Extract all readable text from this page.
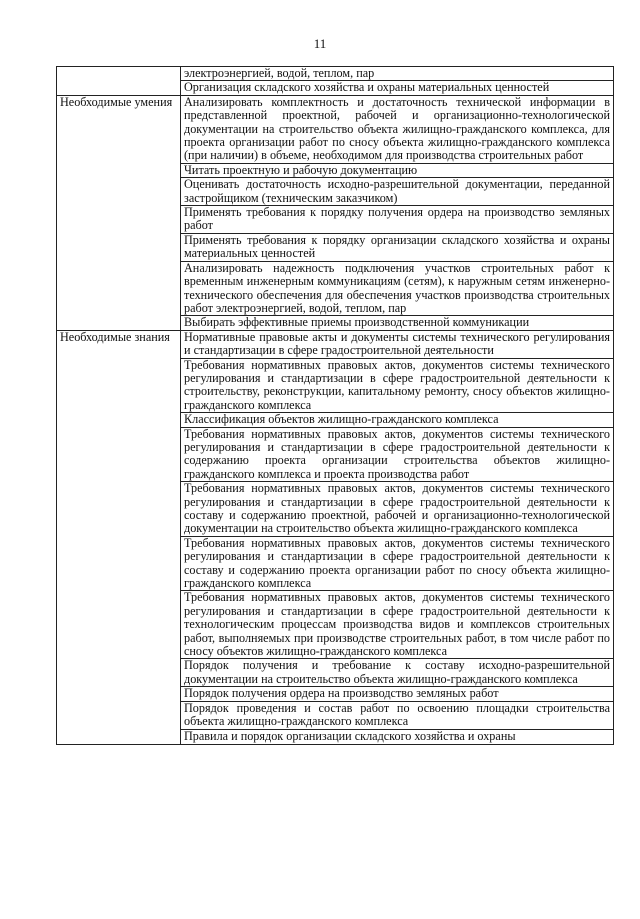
11
	электроэнергией, водой, теплом, пар
	Организация складского хозяйства и охраны материальных ценностей
Необходимые умения	Анализировать комплектность и достаточность технической информации в представленной проектной, рабочей и организационно-технологической документации на строительство объекта жилищно-гражданского комплекса, для проекта организации работ по сносу объекта жилищно-гражданского комплекса (при наличии) в объеме, необходимом для производства строительных работ
	Читать проектную и рабочую документацию
	Оценивать достаточность исходно-разрешительной документации, переданной застройщиком (техническим заказчиком)
	Применять требования к порядку получения ордера на производство земляных работ
	Применять требования к порядку организации складского хозяйства и охраны материальных ценностей
	Анализировать надежность подключения участков строительных работ к временным инженерным коммуникациям (сетям), к наружным сетям инженерно-технического обеспечения для обеспечения участков производства строительных работ электроэнергией, водой, теплом, пар
	Выбирать эффективные приемы производственной коммуникации
Необходимые знания	Нормативные правовые акты и документы системы технического регулирования и стандартизации в сфере градостроительной деятельности
	Требования нормативных правовых актов, документов системы технического регулирования и стандартизации в сфере градостроительной деятельности к строительству, реконструкции, капитальному ремонту, сносу объектов жилищно-гражданского комплекса
	Классификация объектов жилищно-гражданского комплекса
	Требования нормативных правовых актов, документов системы технического регулирования и стандартизации в сфере градостроительной деятельности к содержанию проекта организации строительства объектов жилищно-гражданского комплекса и проекта производства работ
	Требования нормативных правовых актов, документов системы технического регулирования и стандартизации в сфере градостроительной деятельности к составу и содержанию проектной, рабочей и организационно-технологической документации на строительство объекта жилищно-гражданского комплекса
	Требования нормативных правовых актов, документов системы технического регулирования и стандартизации в сфере градостроительной деятельности к составу и содержанию проекта организации работ по сносу объекта жилищно-гражданского комплекса
	Требования нормативных правовых актов, документов системы технического регулирования и стандартизации в сфере градостроительной деятельности к технологическим процессам производства видов и комплексов строительных работ, выполняемых при производстве строительных работ, в том числе работ по сносу объектов жилищно-гражданского комплекса
	Порядок получения и требование к составу исходно-разрешительной документации на строительство объекта жилищно-гражданского комплекса
	Порядок получения ордера на производство земляных работ
	Порядок проведения и состав работ по освоению площадки строительства объекта жилищно-гражданского комплекса

	Правила и порядок организации складского хозяйства и охраны
